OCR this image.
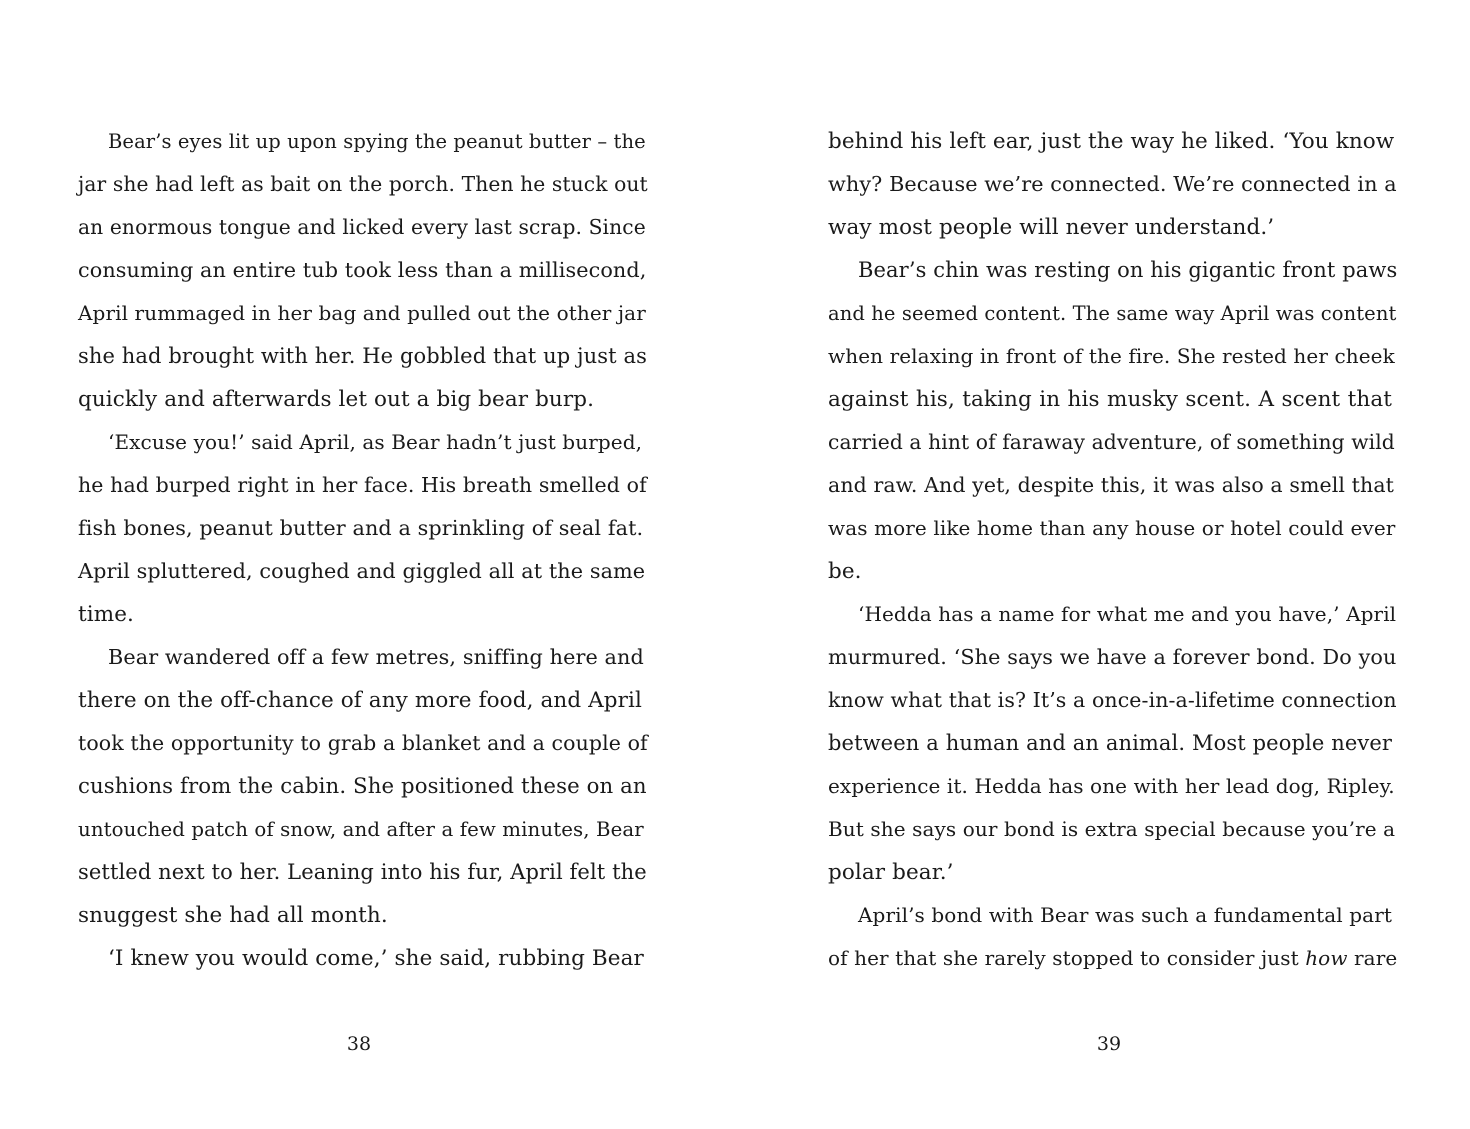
Bear’s eyes lit up upon spying the peanut butter – the
jar she had left as bait on the porch. Then he stuck out
an enormous tongue and licked every last scrap. Since
consuming an entire tub took less than a millisecond,
April rummaged in her bag and pulled out the other jar
she had brought with her. He gobbled that up just as
quickly and afterwards let out a big bear burp.
‘Excuse you!’ said April, as Bear hadn’t just burped,
he had burped right in her face. His breath smelled of
fish bones, peanut butter and a sprinkling of seal fat.
April spluttered, coughed and giggled all at the same
time.
Bear wandered off a few metres, sniffing here and
there on the off-chance of any more food, and April
took the opportunity to grab a blanket and a couple of
cushions from the cabin. She positioned these on an
untouched patch of snow, and after a few minutes, Bear
settled next to her. Leaning into his fur, April felt the
snuggest she had all month.
‘I knew you would come,’ she said, rubbing Bear
behind his left ear, just the way he liked. ‘You know
why? Because we’re connected. We’re connected in a
way most people will never understand.’
Bear’s chin was resting on his gigantic front paws
and he seemed content. The same way April was content
when relaxing in front of the fire. She rested her cheek
against his, taking in his musky scent. A scent that
carried a hint of faraway adventure, of something wild
and raw. And yet, despite this, it was also a smell that
was more like home than any house or hotel could ever
be.
‘Hedda has a name for what me and you have,’ April
murmured. ‘She says we have a forever bond. Do you
know what that is? It’s a once-in-a-lifetime connection
between a human and an animal. Most people never
experience it. Hedda has one with her lead dog, Ripley.
But she says our bond is extra special because you’re a
polar bear.’
April’s bond with Bear was such a fundamental part
of her that she rarely stopped to consider just how rare
38	39
